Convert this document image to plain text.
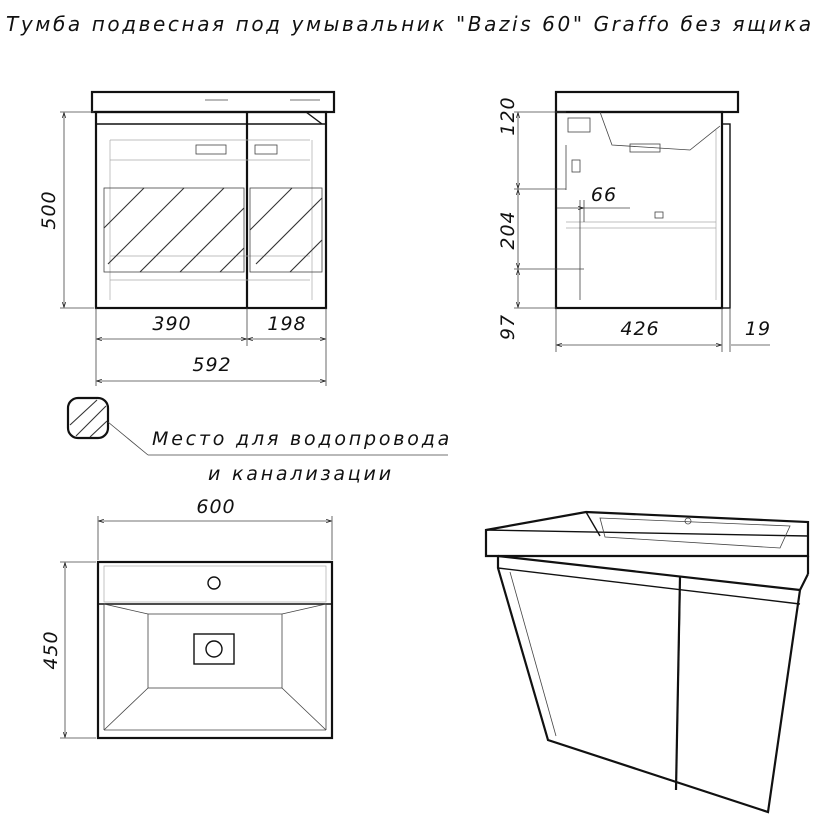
Тумба подвесная под умывальник "Bazis 60" Graffo без ящика
500
390	198
592
120
204
97
66
426	19
Место для водопровода
и канализации
600
450
